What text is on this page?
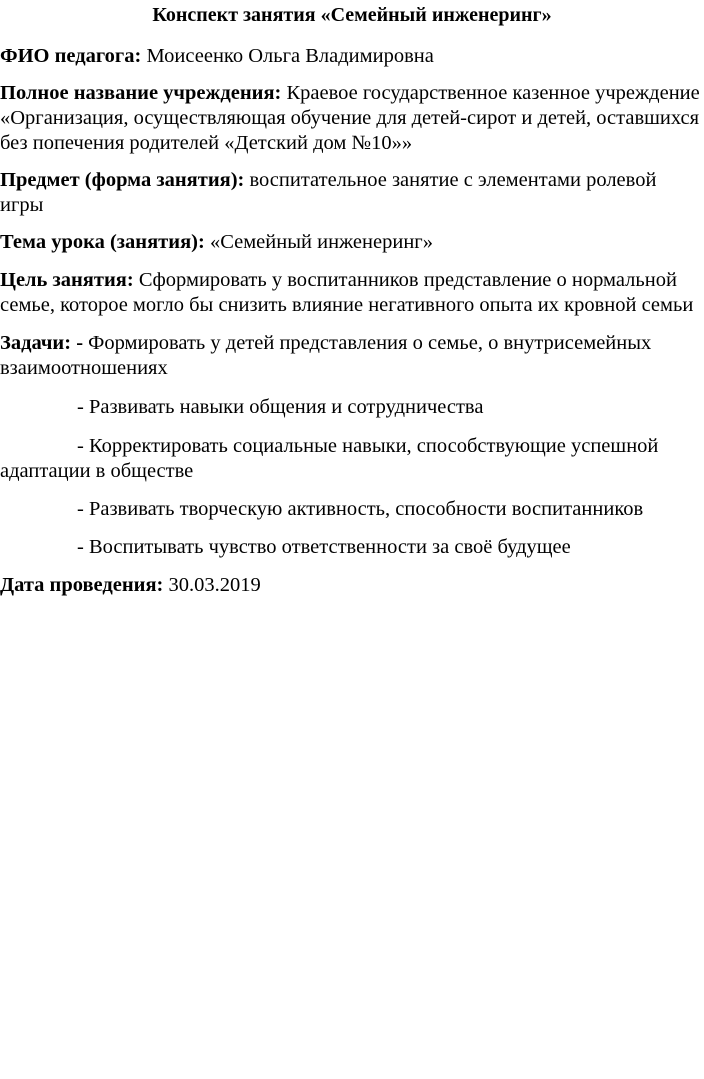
Конспект занятия «Семейный инженеринг»

ФИО педагога: Моисеенко Ольга Владимировна

Полное название учреждения: Краевое государственное казенное учреждение «Организация, осуществляющая обучение для детей-сирот и детей, оставшихся без попечения родителей «Детский дом №10»»

Предмет (форма занятия): воспитательное занятие с элементами ролевой игры

Тема урока (занятия): «Семейный инженеринг»

Цель занятия: Сформировать у воспитанников представление о нормальной семье, которое могло бы снизить влияние негативного опыта их кровной семьи

Задачи: - Формировать у детей представления о семье, о внутрисемейных взаимоотношениях

- Развивать навыки общения и сотрудничества

- Корректировать социальные навыки, способствующие успешной адаптации в обществе

- Развивать творческую активность, способности воспитанников

- Воспитывать чувство ответственности за своё будущее

Дата проведения: 30.03.2019
